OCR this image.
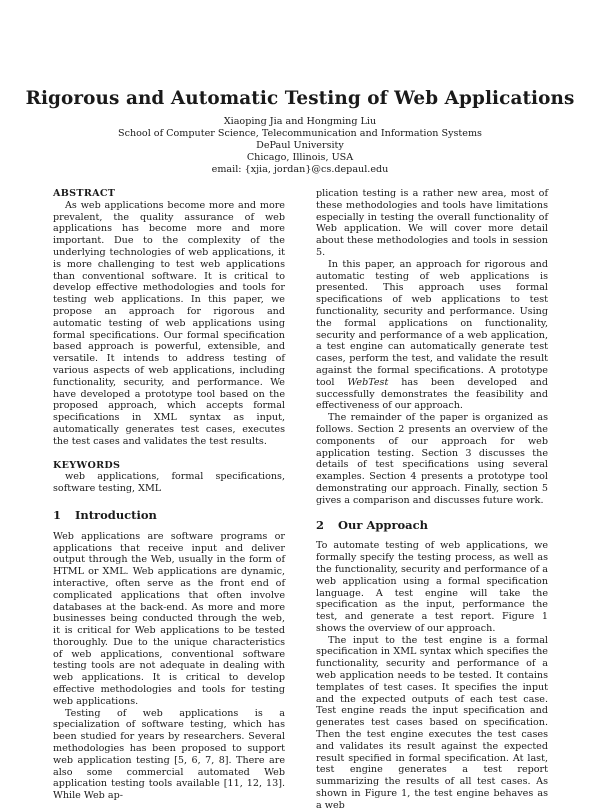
Rigorous and Automatic Testing of Web Applications
Xiaoping Jia and Hongming Liu
School of Computer Science, Telecommunication and Information Systems
DePaul University
Chicago, Illinois, USA
email: {xjia, jordan}@cs.depaul.edu
ABSTRACT

As web applications become more and more prevalent, the quality assurance of web applications has become more and more important. Due to the complexity of the underlying technologies of web applications, it is more challenging to test web applications than conventional software. It is critical to develop effective methodologies and tools for testing web applications. In this paper, we propose an approach for rigorous and automatic testing of web applications using formal specifications. Our formal specification based approach is powerful, extensible, and versatile. It intends to address testing of various aspects of web applications, including functionality, security, and performance. We have developed a prototype tool based on the proposed approach, which accepts formal specifications in XML syntax as input, automatically generates test cases, executes the test cases and validates the test results.

KEYWORDS

web applications, formal specifications, software testing, XML

1 Introduction

Web applications are software programs or applications that receive input and deliver output through the Web, usually in the form of HTML or XML. Web applications are dynamic, interactive, often serve as the front end of complicated applications that often involve databases at the back-end. As more and more businesses being conducted through the web, it is critical for Web applications to be tested thoroughly. Due to the unique characteristics of web applications, conventional software testing tools are not adequate in dealing with web applications. It is critical to develop effective methodologies and tools for testing web applications.

Testing of web applications is a specialization of software testing, which has been studied for years by researchers. Several methodologies has been proposed to support web application testing [5, 6, 7, 8]. There are also some commercial automated Web application testing tools available [11, 12, 13]. While Web ap-

plication testing is a rather new area, most of these methodologies and tools have limitations especially in testing the overall functionality of Web application. We will cover more detail about these methodologies and tools in session 5.

In this paper, an approach for rigorous and automatic testing of web applications is presented. This approach uses formal specifications of web applications to test functionality, security and performance. Using the formal applications on functionality, security and performance of a web application, a test engine can automatically generate test cases, perform the test, and validate the result against the formal specifications. A prototype tool WebTest has been developed and successfully demonstrates the feasibility and effectiveness of our approach.

The remainder of the paper is organized as follows. Section 2 presents an overview of the components of our approach for web application testing. Section 3 discusses the details of test specifications using several examples. Section 4 presents a prototype tool demonstrating our approach. Finally, section 5 gives a comparison and discusses future work.

2 Our Approach

To automate testing of web applications, we formally specify the testing process, as well as the functionality, security and performance of a web application using a formal specification language. A test engine will take the specification as the input, performance the test, and generate a test report. Figure 1 shows the overview of our approach.

The input to the test engine is a formal specification in XML syntax which specifies the functionality, security and performance of a web application needs to be tested. It contains templates of test cases. It specifies the input and the expected outputs of each test case. Test engine reads the input specification and generates test cases based on specification. Then the test engine executes the test cases and validates its result against the expected result specified in formal specification. At last, test engine generates a test report summarizing the results of all test cases. As shown in Figure 1, the test engine behaves as a web
